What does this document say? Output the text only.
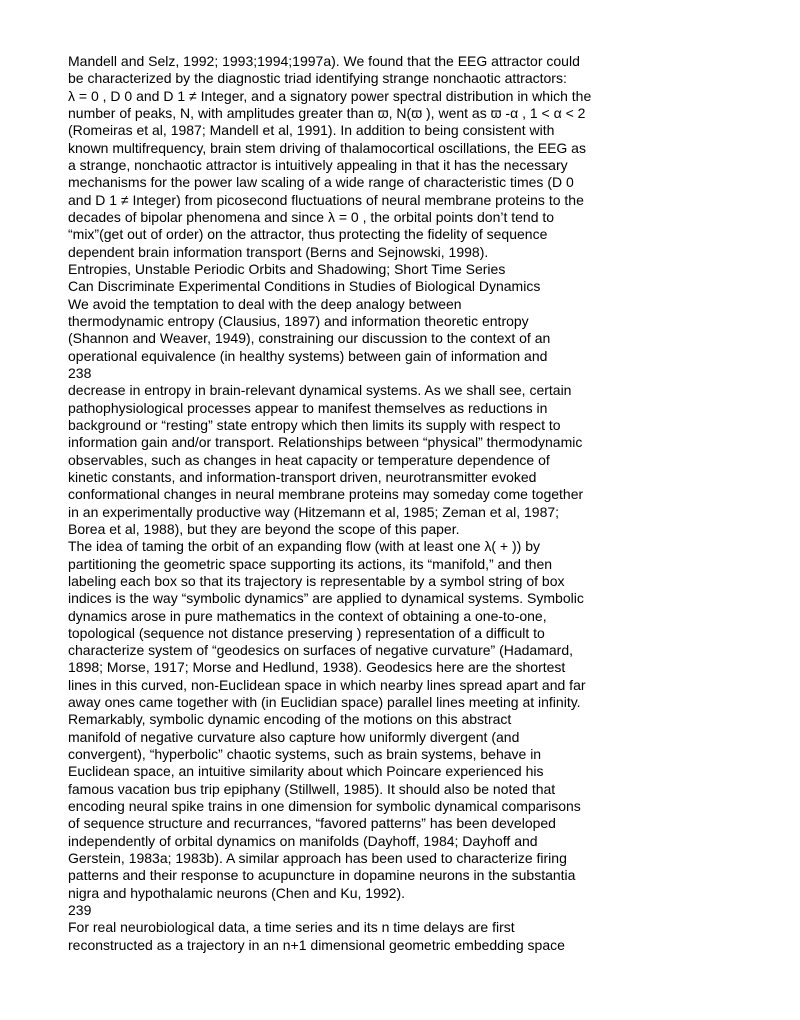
Mandell and Selz, 1992; 1993;1994;1997a). We found that the EEG attractor could
be characterized by the diagnostic triad identifying strange nonchaotic attractors:
λ = 0 , D 0 and D 1 ≠ Integer, and a signatory power spectral distribution in which the
number of peaks, N, with amplitudes greater than ϖ, N(ϖ ), went as ϖ -α , 1 < α < 2
(Romeiras et al, 1987; Mandell et al, 1991). In addition to being consistent with
known multifrequency, brain stem driving of thalamocortical oscillations, the EEG as
a strange, nonchaotic attractor is intuitively appealing in that it has the necessary
mechanisms for the power law scaling of a wide range of characteristic times (D 0
and D 1 ≠ Integer) from picosecond fluctuations of neural membrane proteins to the
decades of bipolar phenomena and since λ = 0 , the orbital points don’t tend to
“mix”(get out of order) on the attractor, thus protecting the fidelity of sequence
dependent brain information transport (Berns and Sejnowski, 1998).
Entropies, Unstable Periodic Orbits and Shadowing; Short Time Series
Can Discriminate Experimental Conditions in Studies of Biological Dynamics
We avoid the temptation to deal with the deep analogy between
thermodynamic entropy (Clausius, 1897) and information theoretic entropy
(Shannon and Weaver, 1949), constraining our discussion to the context of an
operational equivalence (in healthy systems) between gain of information and
238
decrease in entropy in brain-relevant dynamical systems. As we shall see, certain
pathophysiological processes appear to manifest themselves as reductions in
background or “resting” state entropy which then limits its supply with respect to
information gain and/or transport. Relationships between “physical” thermodynamic
observables, such as changes in heat capacity or temperature dependence of
kinetic constants, and information-transport driven, neurotransmitter evoked
conformational changes in neural membrane proteins may someday come together
in an experimentally productive way (Hitzemann et al, 1985; Zeman et al, 1987;
Borea et al, 1988), but they are beyond the scope of this paper.
The idea of taming the orbit of an expanding flow (with at least one λ( + )) by
partitioning the geometric space supporting its actions, its “manifold,” and then
labeling each box so that its trajectory is representable by a symbol string of box
indices is the way “symbolic dynamics” are applied to dynamical systems. Symbolic
dynamics arose in pure mathematics in the context of obtaining a one-to-one,
topological (sequence not distance preserving ) representation of a difficult to
characterize system of “geodesics on surfaces of negative curvature” (Hadamard,
1898; Morse, 1917; Morse and Hedlund, 1938). Geodesics here are the shortest
lines in this curved, non-Euclidean space in which nearby lines spread apart and far
away ones came together with (in Euclidian space) parallel lines meeting at infinity.
Remarkably, symbolic dynamic encoding of the motions on this abstract
manifold of negative curvature also capture how uniformly divergent (and
convergent), “hyperbolic” chaotic systems, such as brain systems, behave in
Euclidean space, an intuitive similarity about which Poincare experienced his
famous vacation bus trip epiphany (Stillwell, 1985). It should also be noted that
encoding neural spike trains in one dimension for symbolic dynamical comparisons
of sequence structure and recurrances, “favored patterns” has been developed
independently of orbital dynamics on manifolds (Dayhoff, 1984; Dayhoff and
Gerstein, 1983a; 1983b). A similar approach has been used to characterize firing
patterns and their response to acupuncture in dopamine neurons in the substantia
nigra and hypothalamic neurons (Chen and Ku, 1992).
239
For real neurobiological data, a time series and its n time delays are first
reconstructed as a trajectory in an n+1 dimensional geometric embedding space
